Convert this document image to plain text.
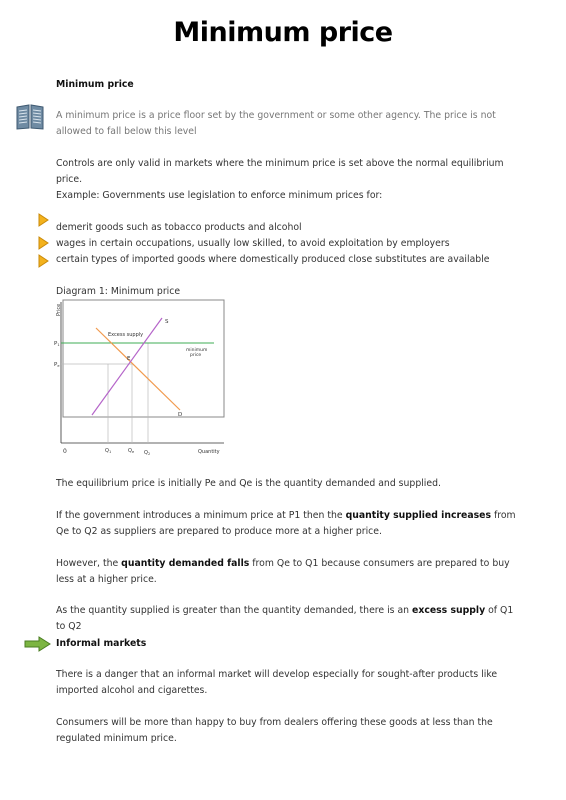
Minimum price
Minimum price
A minimum price is a price floor set by the government or some other agency. The price is not allowed to fall below this level
Controls are only valid in markets where the minimum price is set above the normal equilibrium price.
Example: Governments use legislation to enforce minimum prices for:
demerit goods such as tobacco products and alcohol
wages in certain occupations, usually low skilled, to avoid exploitation by employers
certain types of imported goods where domestically produced close substitutes are available
Diagram 1: Minimum price
Price
0	Quantity
Excess supply
P1
Pe
E
minimum
price
S
D
$Q_1$	$Q_e$ $Q_2$
The equilibrium price is initially Pe and Qe is the quantity demanded and supplied.
If the government introduces a minimum price at P1 then the quantity supplied increases from Qe to Q2 as suppliers are prepared to produce more at a higher price.
However, the quantity demanded falls from Qe to Q1 because consumers are prepared to buy less at a higher price.
As the quantity supplied is greater than the quantity demanded, there is an excess supply of Q1 to Q2
Informal markets
There is a danger that an informal market will develop especially for sought-after products like imported alcohol and cigarettes.
Consumers will be more than happy to buy from dealers offering these goods at less than the regulated minimum price.
